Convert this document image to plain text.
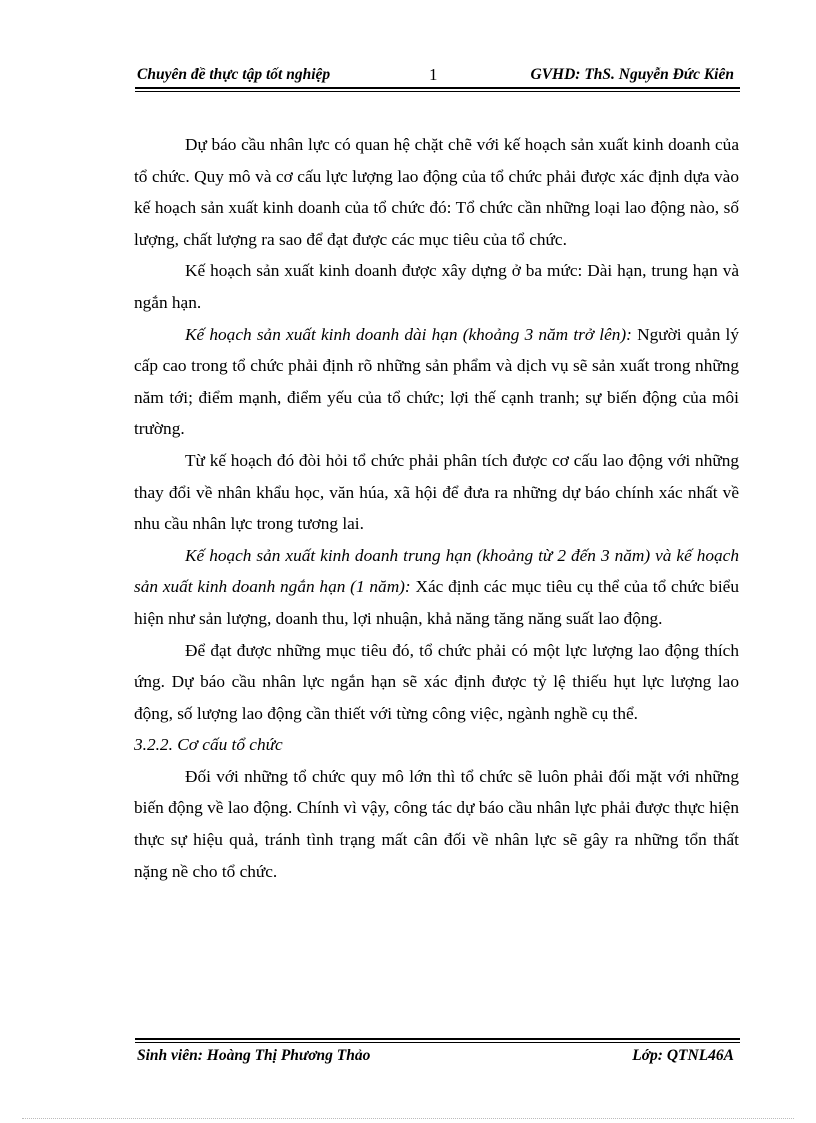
Chuyên đề thực tập tốt nghiệp	1	GVHD: ThS. Nguyễn Đức Kiên

Dự báo cầu nhân lực có quan hệ chặt chẽ với kế hoạch sản xuất kinh doanh của tổ chức. Quy mô và cơ cấu lực lượng lao động của tổ chức phải được xác định dựa vào kế hoạch sản xuất kinh doanh của tổ chức đó: Tổ chức cần những loại lao động nào, số lượng, chất lượng ra sao để đạt được các mục tiêu của tổ chức.

Kế hoạch sản xuất kinh doanh được xây dựng ở ba mức: Dài hạn, trung hạn và ngắn hạn.

Kế hoạch sản xuất kinh doanh dài hạn (khoảng 3 năm trở lên): Người quản lý cấp cao trong tổ chức phải định rõ những sản phẩm và dịch vụ sẽ sản xuất trong những năm tới; điểm mạnh, điểm yếu của tổ chức; lợi thế cạnh tranh; sự biến động của môi trường.

Từ kế hoạch đó đòi hỏi tổ chức phải phân tích được cơ cấu lao động với những thay đổi về nhân khẩu học, văn húa, xã hội để đưa ra những dự báo chính xác nhất về nhu cầu nhân lực trong tương lai.

Kế hoạch sản xuất kinh doanh trung hạn (khoảng từ 2 đến 3 năm) và kế hoạch sản xuất kinh doanh ngắn hạn (1 năm): Xác định các mục tiêu cụ thể của tổ chức biểu hiện như sản lượng, doanh thu, lợi nhuận, khả năng tăng năng suất lao động.

Để đạt được những mục tiêu đó, tổ chức phải có một lực lượng lao động thích ứng. Dự báo cầu nhân lực ngắn hạn sẽ xác định được tỷ lệ thiếu hụt lực lượng lao động, số lượng lao động cần thiết với từng công việc, ngành nghề cụ thể.

3.2.2. Cơ cấu tổ chức

Đối với những tổ chức quy mô lớn thì tổ chức sẽ luôn phải đối mặt với những biến động về lao động. Chính vì vậy, công tác dự báo cầu nhân lực phải được thực hiện thực sự hiệu quả, tránh tình trạng mất cân đối về nhân lực sẽ gây ra những tổn thất nặng nề cho tổ chức.

Sinh viên: Hoàng Thị Phương Thảo	Lớp: QTNL46A
